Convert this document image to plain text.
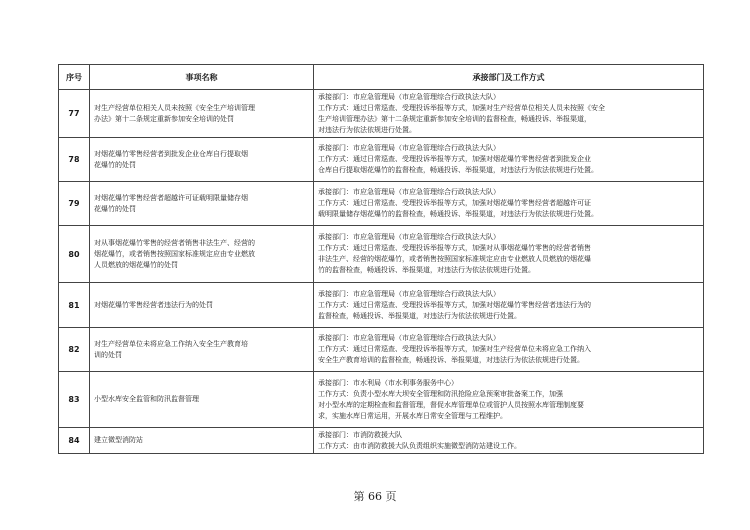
序号	事项名称	承接部门及工作方式
77	对生产经营单位相关人员未按照《安全生产培训管理
办法》第十二条规定重新参加安全培训的处罚	承接部门：市应急管理局（市应急管理综合行政执法大队）
工作方式：通过日常巡查、受理投诉举报等方式，加强对生产经营单位相关人员未按照《安全
生产培训管理办法》第十二条规定重新参加安全培训的监督检查，畅通投诉、举报渠道，
对违法行为依法依规进行处置。

78	对烟花爆竹零售经营者到批发企业仓库自行提取烟
花爆竹的处罚	承接部门：市应急管理局（市应急管理综合行政执法大队）
工作方式：通过日常巡查、受理投诉举报等方式，加强对烟花爆竹零售经营者到批发企业
仓库自行提取烟花爆竹的监督检查，畅通投诉、举报渠道，对违法行为依法依规进行处置。

79	对烟花爆竹零售经营者超越许可证载明限量储存烟
花爆竹的处罚	承接部门：市应急管理局（市应急管理综合行政执法大队）
工作方式：通过日常巡查、受理投诉举报等方式，加强对烟花爆竹零售经营者超越许可证
载明限量储存烟花爆竹的监督检查，畅通投诉、举报渠道，对违法行为依法依规进行处置。

80	对从事烟花爆竹零售的经营者销售非法生产、经营的
烟花爆竹，或者销售按照国家标准规定应由专业燃放
人员燃放的烟花爆竹的处罚	承接部门：市应急管理局（市应急管理综合行政执法大队）
工作方式：通过日常巡查、受理投诉举报等方式，加强对从事烟花爆竹零售的经营者销售
非法生产、经营的烟花爆竹，或者销售按照国家标准规定应由专业燃放人员燃放的烟花爆
竹的监督检查，畅通投诉、举报渠道，对违法行为依法依规进行处置。

81	对烟花爆竹零售经营者违法行为的处罚	承接部门：市应急管理局（市应急管理综合行政执法大队）
工作方式：通过日常巡查、受理投诉举报等方式，加强对烟花爆竹零售经营者违法行为的
监督检查，畅通投诉、举报渠道，对违法行为依法依规进行处置。

82	对生产经营单位未将应急工作纳入安全生产教育培
训的处罚	承接部门：市应急管理局（市应急管理综合行政执法大队）
工作方式：通过日常巡查、受理投诉举报等方式，加强对生产经营单位未将应急工作纳入
安全生产教育培训的监督检查，畅通投诉、举报渠道，对违法行为依法依规进行处置。

83	小型水库安全监管和防汛监督管理	承接部门：市水利局（市水利事务服务中心）
工作方式：负责小型水库大坝安全管理和防汛抢险应急预案审批备案工作，加强
对小型水库的定期检查和监督管理，督促水库管理单位或管护人员按照水库管理制度要
求，实施水库日常运用，开展水库日常安全管理与工程维护。

84	建立微型消防站	承接部门：市消防救援大队
工作方式：由市消防救援大队负责组织实施微型消防站建设工作。
第 66 页
